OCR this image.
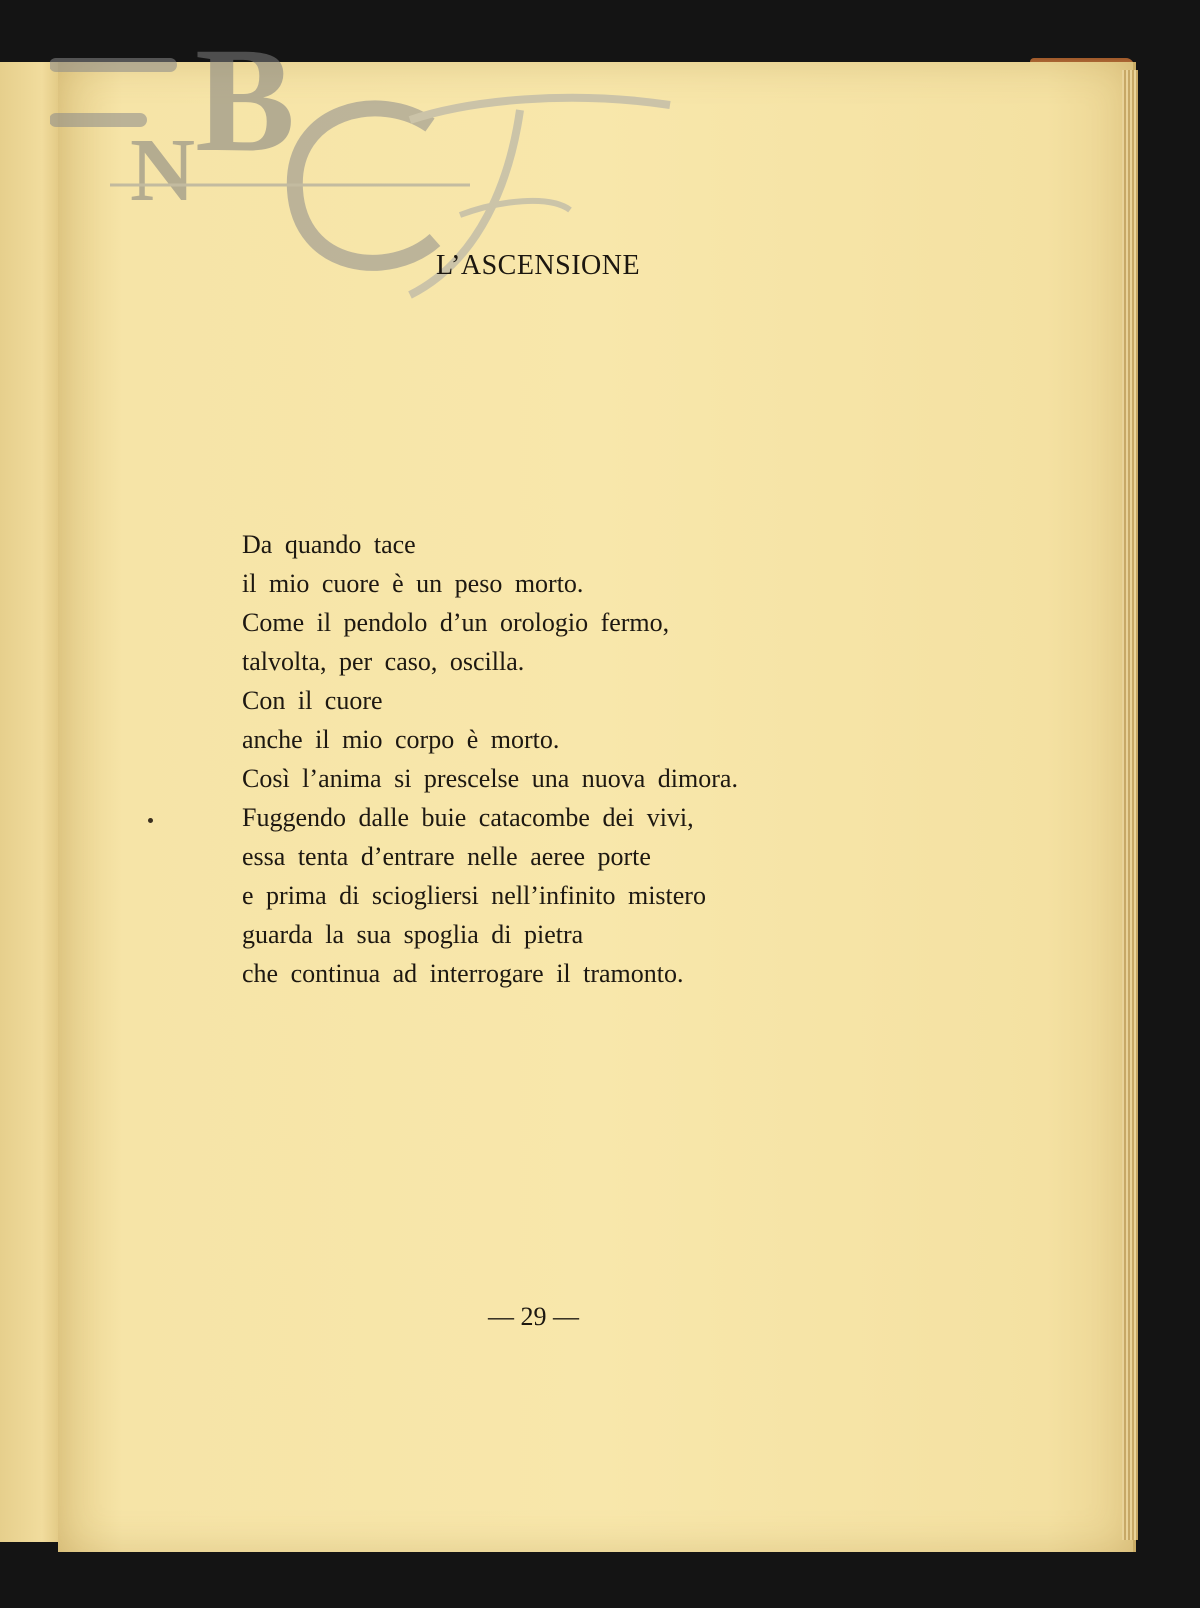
B
N
BNCF
L’ASCENSIONE
Da quando tace
il mio cuore è un peso morto.
Come il pendolo d’un orologio fermo,
talvolta, per caso, oscilla.
Con il cuore
anche il mio corpo è morto.
Così l’anima si prescelse una nuova dimora.
Fuggendo dalle buie catacombe dei vivi,
essa tenta d’entrare nelle aeree porte
e prima di sciogliersi nell’infinito mistero
guarda la sua spoglia di pietra
che continua ad interrogare il tramonto.
— 29 —
